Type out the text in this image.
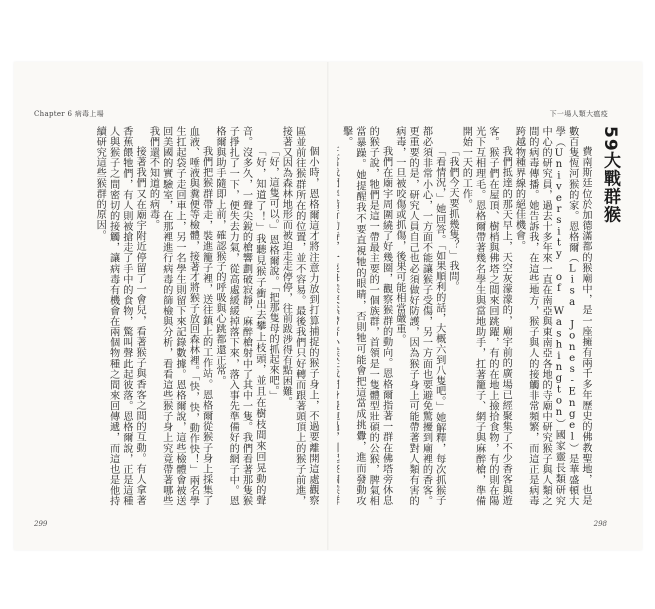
Chapter 6 病毒上場	下一場人類大瘟疫
59大戰群猴

費南斯廷位於加德滿都的猴廟中，是一座擁有兩千多年歷史的佛教聖地，也是數百隻恆河猴的家。恩格爾（Lisa Jones-Engel）是華盛頓大學（University of Washington）國家靈長類研究中心的研究員，過去十多年來一直在南亞與東南亞各地的寺廟中研究猴子與人類之間的病毒傳播。她告訴我，在這些地方，猴子與人的接觸非常頻繁，而這正是病毒跨越物種界線的絕佳機會。

我們抵達的那天早上，天空灰濛濛的，廟宇前的廣場已經聚集了不少香客與遊客。猴子們在屋頂、樹梢與佛塔之間來回跳躍，有的在地上撿拾食物，有的則在陽光下互相理毛。恩格爾帶著幾名學生與當地助手，扛著籠子、網子與麻醉槍，準備開始一天的工作。

「我們今天要抓幾隻？」我問。

「看情況，」她回答。「如果順利的話，大概六到八隻吧。」她解釋，每次抓猴子都必須非常小心，一方面不能讓猴子受傷，另一方面也要避免驚擾到廟裡的香客。更重要的是，研究人員自己也必須做好防護，因為猴子身上可能帶著對人類有害的病毒，一旦被咬傷或抓傷，後果可能相當嚴重。

我們在廟宇周圍繞了好幾圈，觀察猴群的動向。恩格爾指著一群在佛塔旁休息的猴子說，牠們是這一帶最主要的一個族群，首領是一隻體型壯碩的公猴，脾氣相當暴躁。她提醒我不要直視牠的眼睛，否則牠可能會把這當成挑釁，進而發動攻擊。

個小時，恩格爾這才將注意力放到打算捕捉的猴子身上，不過要離開這處觀察區並前往猴群所在的位置，並不容易。最後我們只好轉而跟著頭頂上的猴子前進，接著又因為森林地形而被迫走走停停，往前跋涉得有點困難。

「好，這隻可以。」恩格爾說。「把那隻母的抓起來吧。」

「好，知道了！」我聽見猴子衝出去攀上枝頭，並且在樹枝間來回晃動的聲音。沒多久，一聲尖銳的槍響劃破寂靜，麻醉槍射中了其中一隻。我們看著那隻猴子掙扎了一下，便失去力氣，從高處緩緩掉落下來，落入事先準備好的網子中。恩格爾與助手隨即上前，確認猴子的呼吸與心跳都還正常。

我們把猴群帶走，裝進籠子裡，送往鎮上的工作站。恩格爾從猴子身上採集了血液、唾液與糞便等檢體，接著才將猴子放回森林裡。「快，快，動作快！」兩名學生扛起袋子走回車上，另一名學生則留下來記錄數據。恩格爾說，這些檢體會被送回美國的實驗室，在那裡進行病毒的篩檢與分析，看看這些猴子身上究竟帶著哪些我們還不知道的病毒。

接著我們又在廟宇附近停留了一會兒，看著猴子與香客之間的互動。有人拿著香蕉餵牠們，有人則被搶走了手中的食物，驚叫聲此起彼落。恩格爾說，正是這種人與猴子之間密切的接觸，讓病毒有機會在兩個物種之間來回傳遞，而這也是他持續研究這些猴群的原因。

299	298
